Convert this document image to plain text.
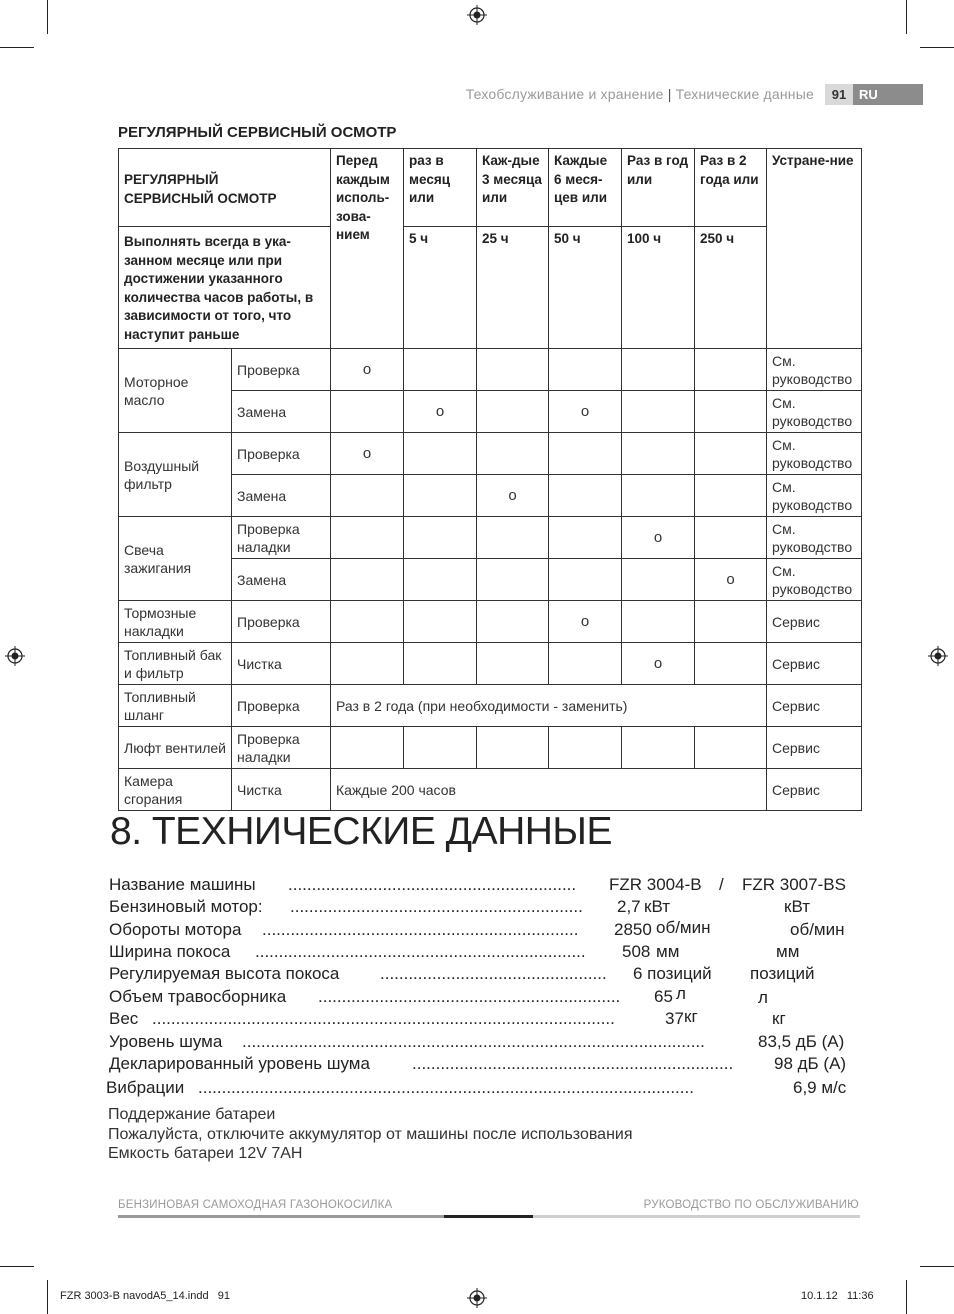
Техобслуживание и хранение | Технические данные	91 RU
РЕГУЛЯРНЫЙ СЕРВИСНЫЙ ОСМОТР
РЕГУЛЯРНЫЙ СЕРВИСНЫЙ ОСМОТР		Перед каждым исполь-зова-нием	раз в месяц или	Каж-дые 3 месяца или	Каждые 6 меся-цев или	Раз в год или	Раз в 2 года или	Устране-ние

Выполнять всегда в ука-занном месяце или при достижении указанного количества часов работы, в зависимости от того, что наступит раньше			5 ч	25 ч	50 ч	100 ч	250 ч	
Моторное масло	Проверка	o						См. руководство
	Замена		o		o			См. руководство
Воздушный фильтр	Проверка	o						См. руководство
	Замена			o				См. руководство
Свеча зажигания	Проверка наладки					o		См. руководство
	Замена						o	См. руководство
Тормозные накладки	Проверка				o			Сервис
Топливный бак и фильтр	Чистка					o		Сервис
Топливный шланг	Проверка	Раз в 2 года (при необходимости - заменить)						Сервис
Люфт вентилей	Проверка наладки							Сервис
Камера сгорания	Чистка	Каждые 200 часов						Сервис
8. ТЕХНИЧЕСКИЕ ДАННЫЕ
Название машины .............................................................	FZR 3004-B / FZR 3007-BS
Бензиновый мотор: ..............................................................	2,7 кВт	кВт
Обороты мотора ...................................................................	2850 об/мин	об/мин
Ширина покоса ......................................................................	508 мм	мм
Регулируемая высота покоса ................................................	6 позиций позиций
Объем травосборника ................................................................	65 л	л
Вес ..................................................................................................	37 кг	кг
Уровень шума ..................................................................................................	83,5 дБ (А)
Декларированный уровень шума ....................................................................	98 дБ (А)
Вибрации .........................................................................................................	6,9 м/с
Поддержание батареи
Пожалуйста, отключите аккумулятор от машины после использования
Емкость батареи 12V 7AH
БЕНЗИНОВАЯ САМОХОДНАЯ ГАЗОНОКОСИЛКА	РУКОВОДСТВО ПО ОБСЛУЖИВАНИЮ
FZR 3003-B navodA5_14.indd   91	10.1.12   11:36
